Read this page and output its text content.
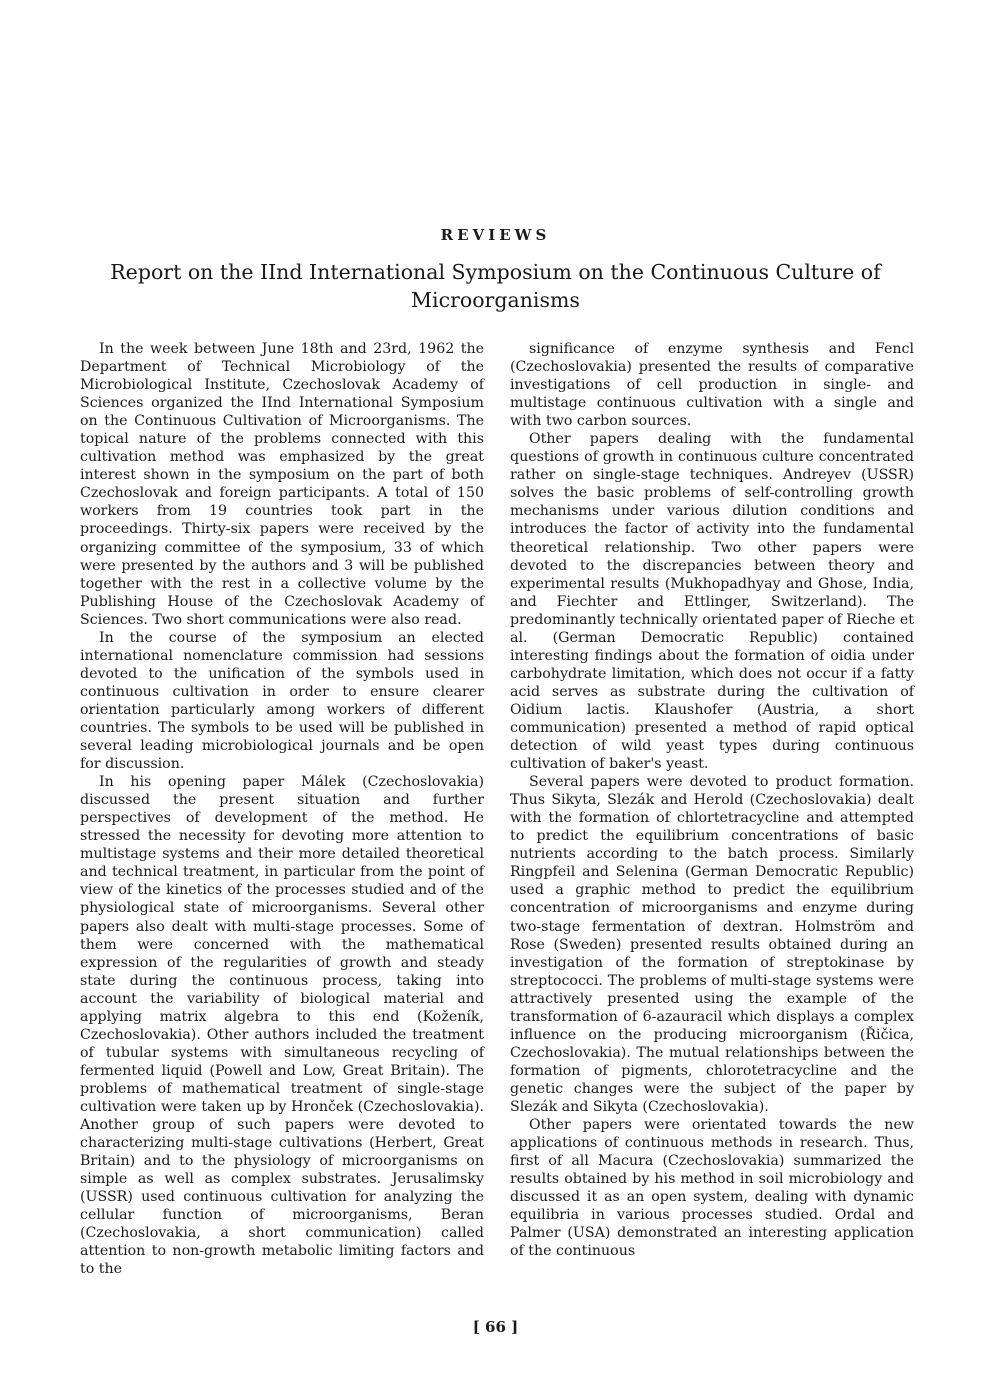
REVIEWS
Report on the IInd International Symposium on the Continuous Culture of Microorganisms

In the week between June 18th and 23rd, 1962 the Department of Technical Microbiology of the Microbiological Institute, Czechoslovak Academy of Sciences organized the IInd International Symposium on the Continuous Cultivation of Microorganisms. The topical nature of the problems connected with this cultivation method was emphasized by the great interest shown in the symposium on the part of both Czechoslovak and foreign participants. A total of 150 workers from 19 countries took part in the proceedings. Thirty-six papers were received by the organizing committee of the symposium, 33 of which were presented by the authors and 3 will be published together with the rest in a collective volume by the Publishing House of the Czechoslovak Academy of Sciences. Two short communications were also read.

In the course of the symposium an elected international nomenclature commission had sessions devoted to the unification of the symbols used in continuous cultivation in order to ensure clearer orientation particularly among workers of different countries. The symbols to be used will be published in several leading microbiological journals and be open for discussion.

In his opening paper Málek (Czechoslovakia) discussed the present situation and further perspectives of development of the method. He stressed the necessity for devoting more attention to multistage systems and their more detailed theoretical and technical treatment, in particular from the point of view of the kinetics of the processes studied and of the physiological state of microorganisms. Several other papers also dealt with multi-stage processes. Some of them were concerned with the mathematical expression of the regularities of growth and steady state during the continuous process, taking into account the variability of biological material and applying matrix algebra to this end (Koženík, Czechoslovakia). Other authors included the treatment of tubular systems with simultaneous recycling of fermented liquid (Powell and Low, Great Britain). The problems of mathematical treatment of single-stage cultivation were taken up by Hronček (Czechoslovakia). Another group of such papers were devoted to characterizing multi-stage cultivations (Herbert, Great Britain) and to the physiology of microorganisms on simple as well as complex substrates. Jerusalimsky (USSR) used continuous cultivation for analyzing the cellular function of microorganisms, Beran (Czechoslovakia, a short communication) called attention to non-growth metabolic limiting factors and to the

significance of enzyme synthesis and Fencl (Czechoslovakia) presented the results of comparative investigations of cell production in single- and multistage continuous cultivation with a single and with two carbon sources.

Other papers dealing with the fundamental questions of growth in continuous culture concentrated rather on single-stage techniques. Andreyev (USSR) solves the basic problems of self-controlling growth mechanisms under various dilution conditions and introduces the factor of activity into the fundamental theoretical relationship. Two other papers were devoted to the discrepancies between theory and experimental results (Mukhopadhyay and Ghose, India, and Fiechter and Ettlinger, Switzerland). The predominantly technically orientated paper of Rieche et al. (German Democratic Republic) contained interesting findings about the formation of oidia under carbohydrate limitation, which does not occur if a fatty acid serves as substrate during the cultivation of Oidium lactis. Klaushofer (Austria, a short communication) presented a method of rapid optical detection of wild yeast types during continuous cultivation of baker's yeast.

Several papers were devoted to product formation. Thus Sikyta, Slezák and Herold (Czechoslovakia) dealt with the formation of chlortetracycline and attempted to predict the equilibrium concentrations of basic nutrients according to the batch process. Similarly Ringpfeil and Selenina (German Democratic Republic) used a graphic method to predict the equilibrium concentration of microorganisms and enzyme during two-stage fermentation of dextran. Holmström and Rose (Sweden) presented results obtained during an investigation of the formation of streptokinase by streptococci. The problems of multi-stage systems were attractively presented using the example of the transformation of 6-azauracil which displays a complex influence on the producing microorganism (Řičica, Czechoslovakia). The mutual relationships between the formation of pigments, chlorotetracycline and the genetic changes were the subject of the paper by Slezák and Sikyta (Czechoslovakia).

Other papers were orientated towards the new applications of continuous methods in research. Thus, first of all Macura (Czechoslovakia) summarized the results obtained by his method in soil microbiology and discussed it as an open system, dealing with dynamic equilibria in various processes studied. Ordal and Palmer (USA) demonstrated an interesting application of the continuous

[ 66 ]
